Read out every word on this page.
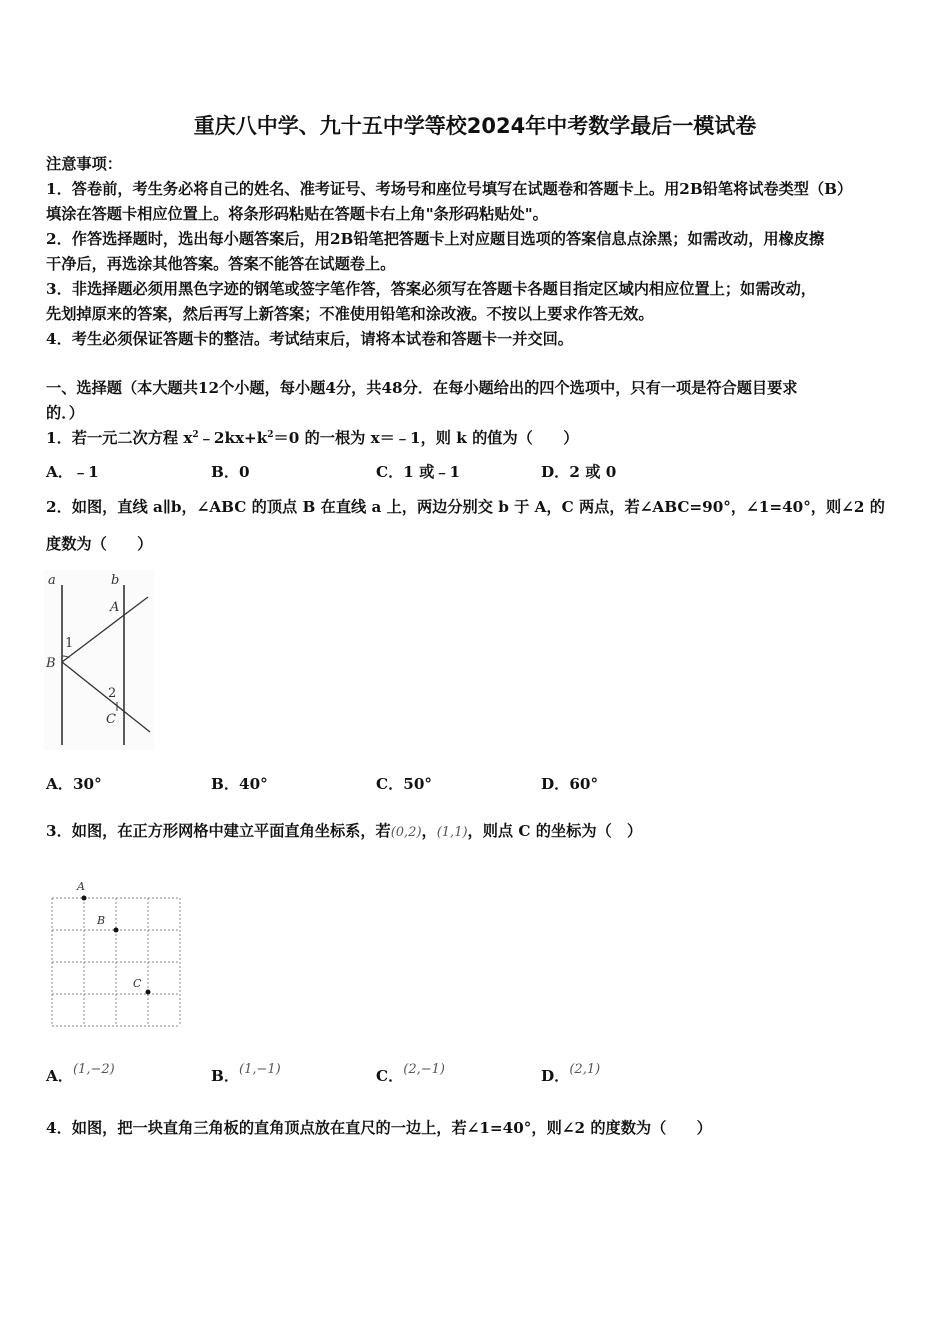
重庆八中学、九十五中学等校2024年中考数学最后一模试卷
注意事项：
1．答卷前，考生务必将自己的姓名、准考证号、考场号和座位号填写在试题卷和答题卡上。用2B铅笔将试卷类型（B）
填涂在答题卡相应位置上。将条形码粘贴在答题卡右上角"条形码粘贴处"。
2．作答选择题时，选出每小题答案后，用2B铅笔把答题卡上对应题目选项的答案信息点涂黑；如需改动，用橡皮擦
干净后，再选涂其他答案。答案不能答在试题卷上。
3．非选择题必须用黑色字迹的钢笔或签字笔作答，答案必须写在答题卡各题目指定区域内相应位置上；如需改动，
先划掉原来的答案，然后再写上新答案；不准使用铅笔和涂改液。不按以上要求作答无效。
4．考生必须保证答题卡的整洁。考试结束后，请将本试卷和答题卡一并交回。
一、选择题（本大题共12个小题，每小题4分，共48分．在每小题给出的四个选项中，只有一项是符合题目要求
的．）
1．若一元二次方程 $x^2﹣2kx+k^2=0$ 的一根为 x＝﹣1，则 k 的值为（　　）
A．﹣1	B．0	C．1 或﹣1	D．2 或 0
2．如图，直线 a∥b，∠ABC 的顶点 B 在直线 a 上，两边分别交 b 于 A，C 两点，若∠ABC=90°，∠1=40°，则∠2 的
度数为（　　）
a	b
A
B
C
1
2
A．30°	B．40°	C．50°	D．60°
3．如图，在正方形网格中建立平面直角坐标系，若(0,2)，(1,1)，则点 C 的坐标为（　）
A
B
C
A．(1,−2)	B．(1,−1)	C．(2,−1)	D．(2,1)
4．如图，把一块直角三角板的直角顶点放在直尺的一边上，若∠1=40°，则∠2 的度数为（　　）
